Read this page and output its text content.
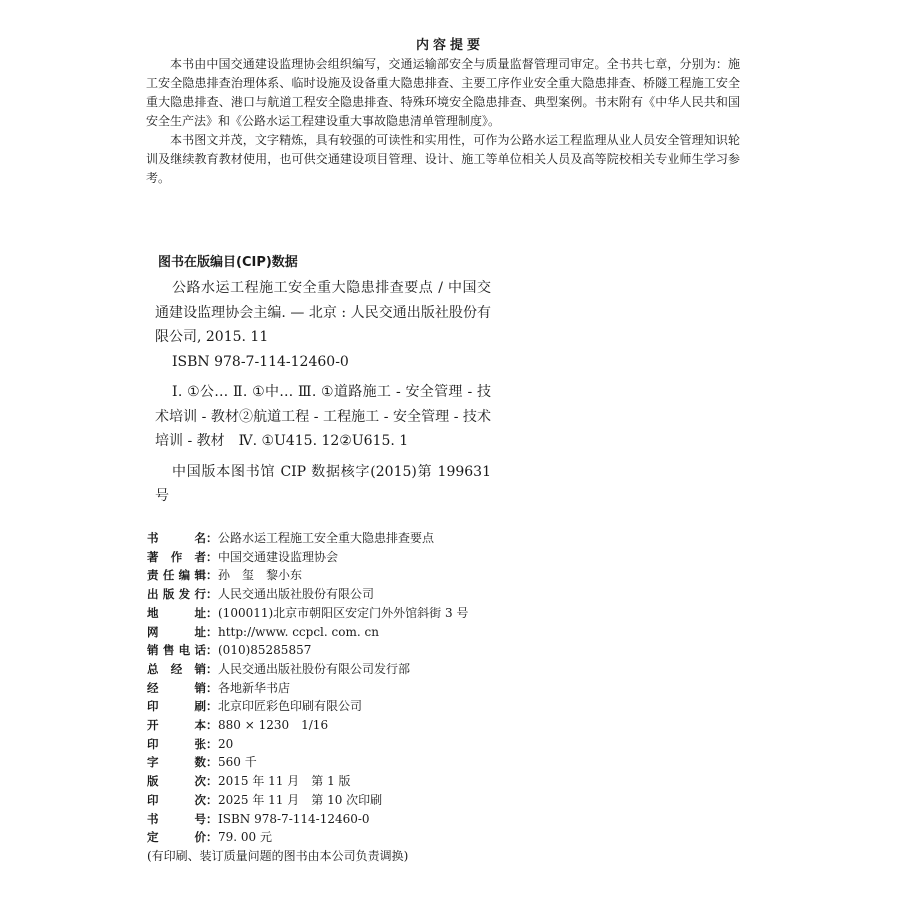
内容提要

本书由中国交通建设监理协会组织编写，交通运输部安全与质量监督管理司审定。全书共七章，分别为：施工安全隐患排查治理体系、临时设施及设备重大隐患排查、主要工序作业安全重大隐患排查、桥隧工程施工安全重大隐患排查、港口与航道工程安全隐患排查、特殊环境安全隐患排查、典型案例。书末附有《中华人民共和国安全生产法》和《公路水运工程建设重大事故隐患清单管理制度》。

本书图文并茂，文字精炼，具有较强的可读性和实用性，可作为公路水运工程监理从业人员安全管理知识轮训及继续教育教材使用，也可供交通建设项目管理、设计、施工等单位相关人员及高等院校相关专业师生学习参考。

图书在版编目(CIP)数据

公路水运工程施工安全重大隐患排查要点 / 中国交通建设监理协会主编. — 北京 : 人民交通出版社股份有限公司, 2015. 11

ISBN 978-7-114-12460-0

Ⅰ. ①公… Ⅱ. ①中… Ⅲ. ①道路施工 - 安全管理 - 技术培训 - 教材②航道工程 - 工程施工 - 安全管理 - 技术培训 - 教材　Ⅳ. ①U415. 12②U615. 1

中国版本图书馆 CIP 数据核字(2015)第 199631 号

书名 ： 公路水运工程施工安全重大隐患排查要点
著作者 ： 中国交通建设监理协会
责任编辑 ： 孙　玺　黎小东
出版发行 ： 人民交通出版社股份有限公司
地址 ： (100011)北京市朝阳区安定门外外馆斜街 3 号
网址 ： http://www. ccpcl. com. cn
销售电话 ： (010)85285857
总经销 ： 人民交通出版社股份有限公司发行部
经销 ： 各地新华书店
印刷 ： 北京印匠彩色印刷有限公司
开本 ： 880 × 1230　1/16
印张 ： 20
字数 ： 560 千
版次 ： 2015 年 11 月　第 1 版
印次 ： 2025 年 11 月　第 10 次印刷
书号 ： ISBN 978-7-114-12460-0
定价 ： 79. 00 元
(有印刷、装订质量问题的图书由本公司负责调换)
